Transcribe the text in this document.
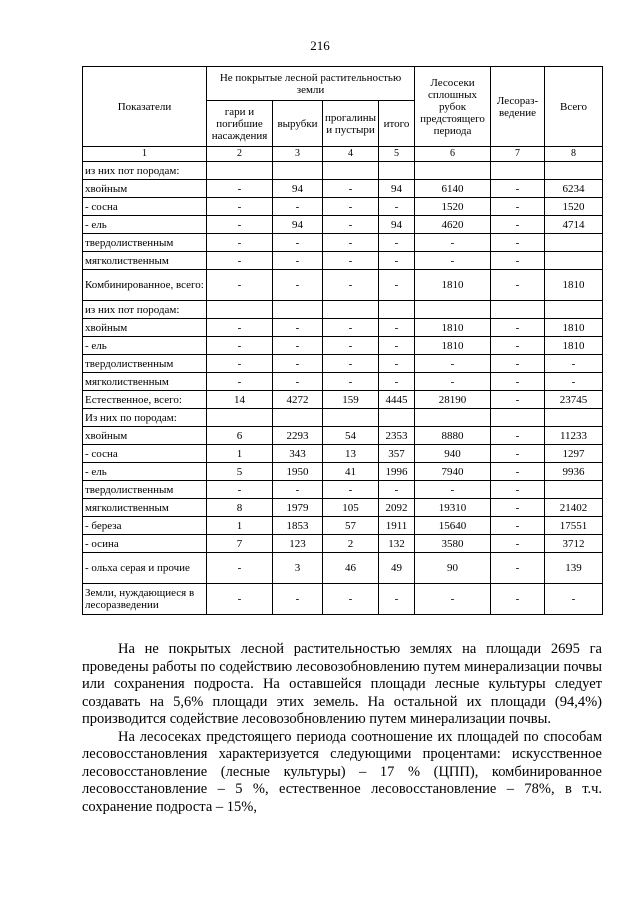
216
Показатели	Не покрытые лесной растительностью земли				Лесосеки сплошных рубок предстоящего периода	Лесораз-ведение	Всего
	гари и погибшие насаждения	вырубки	прогалины и пустыри	итого			
1	2	3	4	5	6	7	8
из них пот породам:							
хвойным	-	94	-	94	6140	-	6234
- сосна	-	-	-	-	1520	-	1520
- ель	-	94	-	94	4620	-	4714
твердолиственным	-	-	-	-	-	-	
мягколиственным	-	-	-	-	-	-	
Комбинированное, всего:	-	-	-	-	1810	-	1810
из них пот породам:							
хвойным	-	-	-	-	1810	-	1810
- ель	-	-	-	-	1810	-	1810
твердолиственным	-	-	-	-	-	-	-
мягколиственным	-	-	-	-	-	-	-
Естественное, всего:	14	4272	159	4445	28190	-	23745
Из них по породам:							
хвойным	6	2293	54	2353	8880	-	11233
- сосна	1	343	13	357	940	-	1297
- ель	5	1950	41	1996	7940	-	9936
твердолиственным	-	-	-	-	-	-	
мягколиственным	8	1979	105	2092	19310	-	21402
- береза	1	1853	57	1911	15640	-	17551
- осина	7	123	2	132	3580	-	3712
- ольха серая и прочие	-	3	46	49	90	-	139
Земли, нуждающиеся в лесоразведении	-	-	-	-	-	-	-

На не покрытых лесной растительностью землях на площади 2695 га проведены работы по содействию лесовозобновлению путем минерализации почвы или сохранения подроста. На оставшейся площади лесные культуры следует создавать на 5,6% площади этих земель. На остальной их площади (94,4%) производится содействие лесовозобновлению путем минерализации почвы.

На лесосеках предстоящего периода соотношение их площадей по способам лесовосстановления характеризуется следующими процентами: искусственное лесовосстановление (лесные культуры) – 17 % (ЦПП), комбинированное лесовосстановление – 5 %, естественное лесовосстановление – 78%, в т.ч. сохранение подроста – 15%,
